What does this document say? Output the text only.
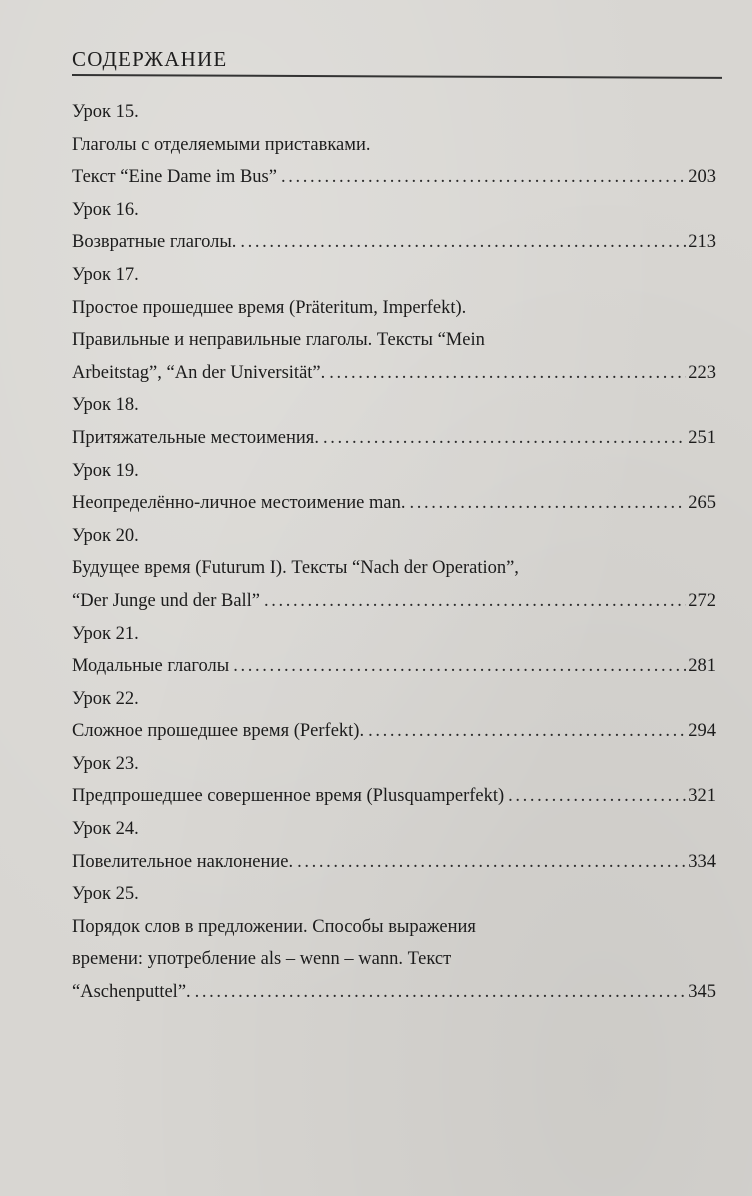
СОДЕРЖАНИЕ
Урок 15.
Глаголы с отделяемыми приставками.
Текст “Eine Dame im Bus” . . .	203
Урок 16.
Возвратные глаголы. . . .	213
Урок 17.
Простое прошедшее время (Präteritum, Imperfekt).
Правильные и неправильные глаголы. Тексты “Mein
Arbeitstag”, “An der Universität”. . . .	223
Урок 18.
Притяжательные местоимения. . . .	251
Урок 19.
Неопределённо-личное местоимение man. . . .	265
Урок 20.
Будущее время (Futurum I). Тексты “Nach der Operation”,
“Der Junge und der Ball” . . .	272
Урок 21.
Модальные глаголы . . .	281
Урок 22.
Сложное прошедшее время (Perfekt). . . .	294
Урок 23.
Предпрошедшее совершенное время (Plusquamperfekt) . . .	321
Урок 24.
Повелительное наклонение. . . .	334
Урок 25.
Порядок слов в предложении. Способы выражения
времени: употребление als – wenn – wann. Текст
“Aschenputtel”. . . .	345
